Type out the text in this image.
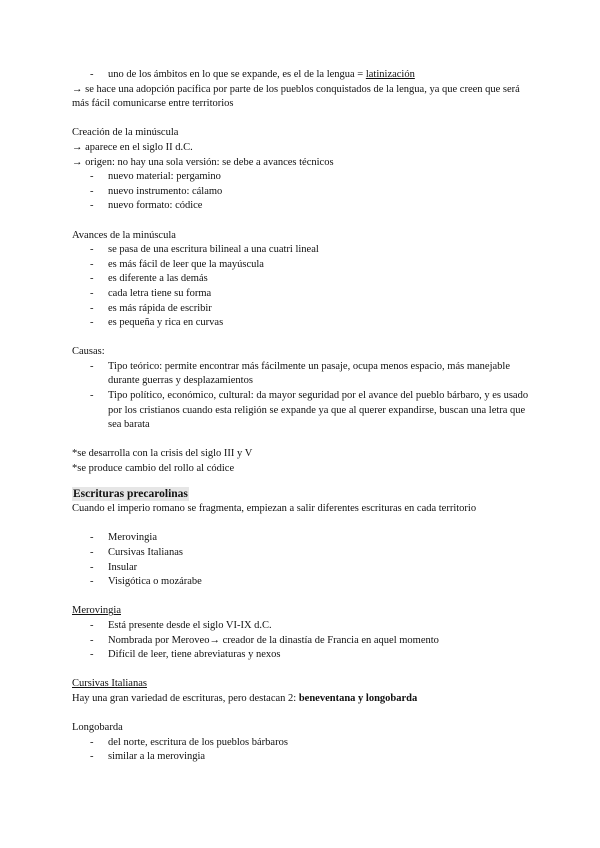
- uno de los ámbitos en lo que se expande, es el de la lengua = latinización
→ se hace una adopción pacífica por parte de los pueblos conquistados de la lengua, ya que creen que será más fácil comunicarse entre territorios
Creación de la minúscula
→ aparece en el siglo II d.C.
→ origen: no hay una sola versión: se debe a avances técnicos
- nuevo material: pergamino
- nuevo instrumento: cálamo
- nuevo formato: códice
Avances de la minúscula
- se pasa de una escritura bilineal a una cuatri lineal
- es más fácil de leer que la mayúscula
- es diferente a las demás
- cada letra tiene su forma
- es más rápida de escribir
- es pequeña y rica en curvas
Causas:
- Tipo teórico: permite encontrar más fácilmente un pasaje, ocupa menos espacio, más manejable durante guerras y desplazamientos
- Tipo político, económico, cultural: da mayor seguridad por el avance del pueblo bárbaro, y es usado por los cristianos cuando esta religión se expande ya que al querer expandirse, buscan una letra que sea barata
*se desarrolla con la crisis del siglo III y V
*se produce cambio del rollo al códice
Escrituras precarolinas
Cuando el imperio romano se fragmenta, empiezan a salir diferentes escrituras en cada territorio
- Merovingia
- Cursivas Italianas
- Insular
- Visigótica o mozárabe
Merovingia
- Está presente desde el siglo VI-IX d.C.
- Nombrada por Meroveo→ creador de la dinastía de Francia en aquel momento
- Difícil de leer, tiene abreviaturas y nexos
Cursivas Italianas
Hay una gran variedad de escrituras, pero destacan 2: beneventana y longobarda
Longobarda
- del norte, escritura de los pueblos bárbaros
- similar a la merovingia
